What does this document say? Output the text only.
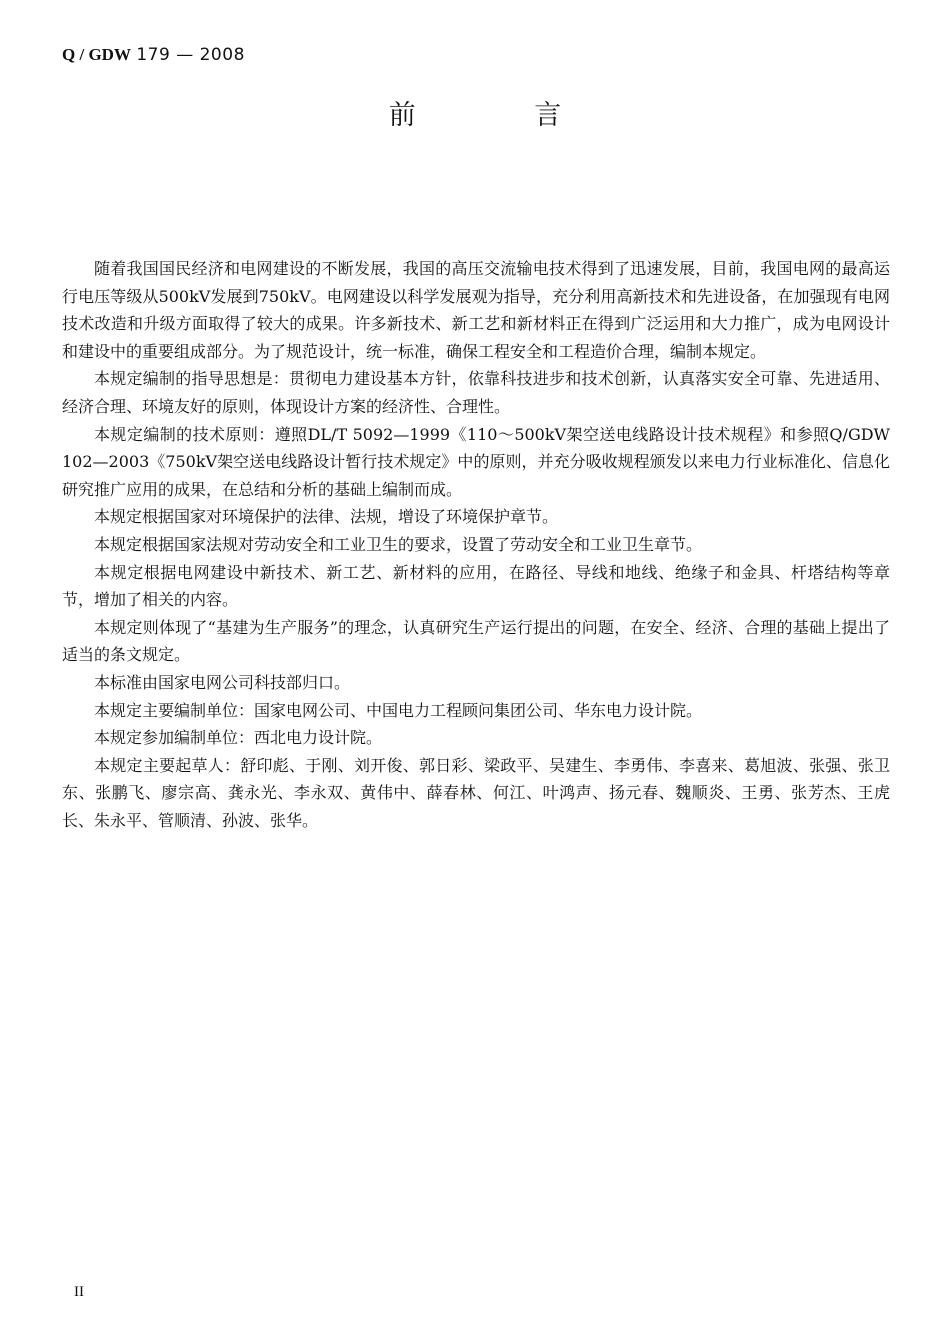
Q / GDW 179 — 2008
前 言

随着我国国民经济和电网建设的不断发展，我国的高压交流输电技术得到了迅速发展，目前，我国电网的最高运行电压等级从500kV发展到750kV。电网建设以科学发展观为指导，充分利用高新技术和先进设备，在加强现有电网技术改造和升级方面取得了较大的成果。许多新技术、新工艺和新材料正在得到广泛运用和大力推广，成为电网设计和建设中的重要组成部分。为了规范设计，统一标准，确保工程安全和工程造价合理，编制本规定。

本规定编制的指导思想是：贯彻电力建设基本方针，依靠科技进步和技术创新，认真落实安全可靠、先进适用、经济合理、环境友好的原则，体现设计方案的经济性、合理性。

本规定编制的技术原则：遵照DL/T 5092—1999《110～500kV架空送电线路设计技术规程》和参照Q/GDW 102—2003《750kV架空送电线路设计暂行技术规定》中的原则，并充分吸收规程颁发以来电力行业标准化、信息化研究推广应用的成果，在总结和分析的基础上编制而成。

本规定根据国家对环境保护的法律、法规，增设了环境保护章节。

本规定根据国家法规对劳动安全和工业卫生的要求，设置了劳动安全和工业卫生章节。

本规定根据电网建设中新技术、新工艺、新材料的应用，在路径、导线和地线、绝缘子和金具、杆塔结构等章节，增加了相关的内容。

本规定则体现了“基建为生产服务”的理念，认真研究生产运行提出的问题，在安全、经济、合理的基础上提出了适当的条文规定。

本标准由国家电网公司科技部归口。

本规定主要编制单位：国家电网公司、中国电力工程顾问集团公司、华东电力设计院。

本规定参加编制单位：西北电力设计院。

本规定主要起草人：舒印彪、于刚、刘开俊、郭日彩、梁政平、吴建生、李勇伟、李喜来、葛旭波、张强、张卫东、张鹏飞、廖宗高、龚永光、李永双、黄伟中、薛春林、何江、叶鸿声、扬元春、魏顺炎、王勇、张芳杰、王虎长、朱永平、管顺清、孙波、张华。

II
